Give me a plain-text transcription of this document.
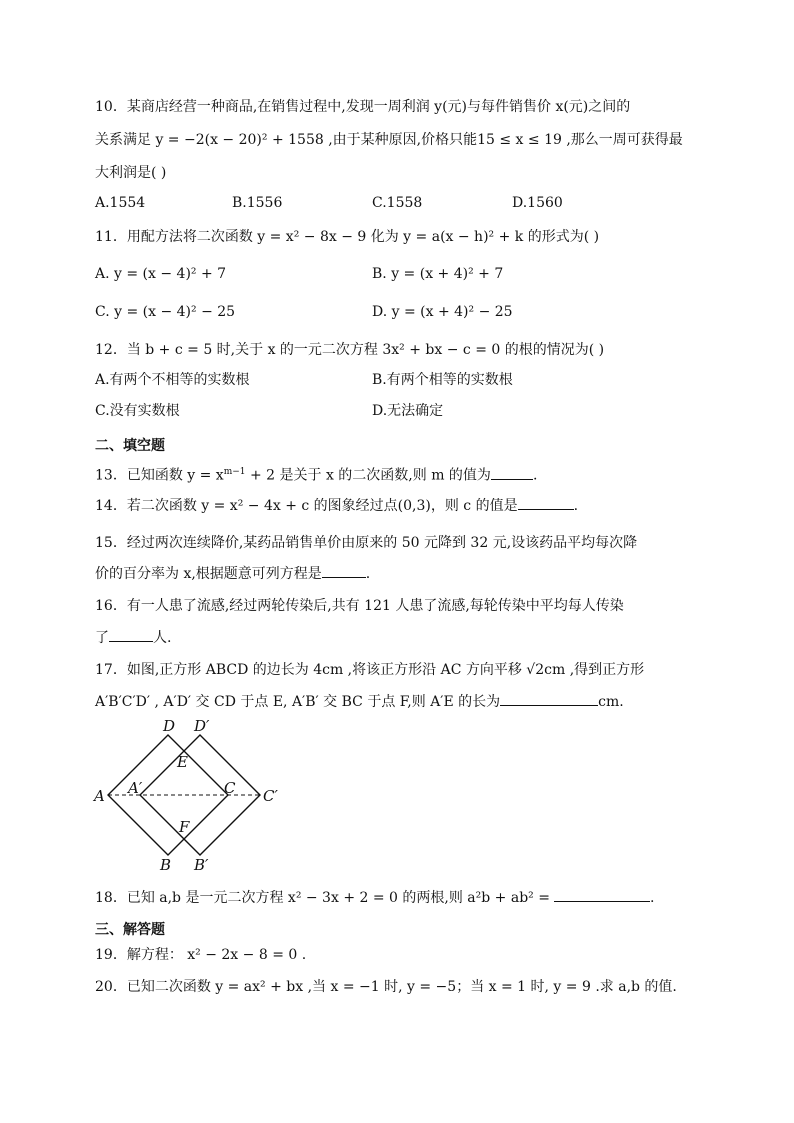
10．某商店经营一种商品,在销售过程中,发现一周利润 y(元)与每件销售价 x(元)之间的
关系满足 y = −2(x − 20)² + 1558 ,由于某种原因,价格只能15 ≤ x ≤ 19 ,那么一周可获得最
大利润是( )
A.1554	B.1556	C.1558	D.1560
11．用配方法将二次函数 y = x² − 8x − 9 化为 y = a(x − h)² + k 的形式为( )
A. y = (x − 4)² + 7	B. y = (x + 4)² + 7
C. y = (x − 4)² − 25	D. y = (x + 4)² − 25
12．当 b + c = 5 时,关于 x 的一元二次方程 3x² + bx − c = 0 的根的情况为( )
A.有两个不相等的实数根	B.有两个相等的实数根
C.没有实数根	D.无法确定
二、填空题
13．已知函数 $y = x^{m-1} + 2$ 是关于 x 的二次函数,则 m 的值为	.
14．若二次函数 y = x² − 4x + c 的图象经过点(0,3)，则 c 的值是	.
15．经过两次连续降价,某药品销售单价由原来的 50 元降到 32 元,设该药品平均每次降
价的百分率为 x,根据题意可列方程是	.
16．有一人患了流感,经过两轮传染后,共有 121 人患了流感,每轮传染中平均每人传染
了	人.
17．如图,正方形 ABCD 的边长为 4cm ,将该正方形沿 AC 方向平移 √2cm ,得到正方形
A′B′C′D′ , A′D′ 交 CD 于点 E, A′B′ 交 BC 于点 F,则 A′E 的长为	cm.
D D′
E
A A′	C C′
F
B B′
18．已知 a,b 是一元二次方程 x² − 3x + 2 = 0 的两根,则 a²b + ab² =	.
三、解答题
19．解方程： x² − 2x − 8 = 0 .
20．已知二次函数 y = ax² + bx ,当 x = −1 时, y = −5；当 x = 1 时, y = 9 .求 a,b 的值.
